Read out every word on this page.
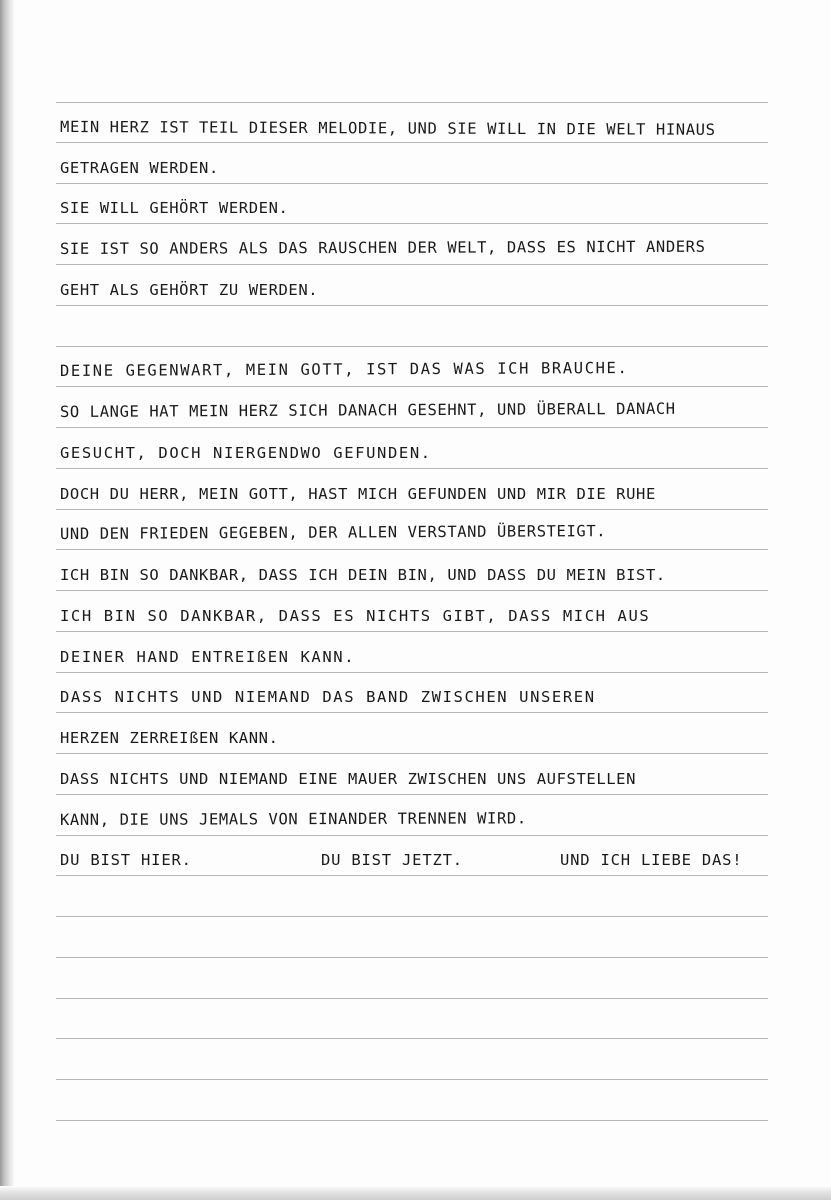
MEIN HERZ IST TEIL DIESER MELODIE, UND SIE WILL IN DIE WELT HINAUS
GETRAGEN WERDEN.
SIE WILL GEHÖRT WERDEN.
SIE IST SO ANDERS ALS DAS RAUSCHEN DER WELT, DASS ES NICHT ANDERS
GEHT ALS GEHÖRT ZU WERDEN.
DEINE GEGENWART, MEIN GOTT, IST DAS WAS ICH BRAUCHE.
SO LANGE HAT MEIN HERZ SICH DANACH GESEHNT, UND ÜBERALL DANACH
GESUCHT, DOCH NIERGENDWO GEFUNDEN.
DOCH DU HERR, MEIN GOTT, HAST MICH GEFUNDEN UND MIR DIE RUHE
UND DEN FRIEDEN GEGEBEN, DER ALLEN VERSTAND ÜBERSTEIGT.
ICH BIN SO DANKBAR, DASS ICH DEIN BIN, UND DASS DU MEIN BIST.
ICH BIN SO DANKBAR, DASS ES NICHTS GIBT, DASS MICH AUS
DEINER HAND ENTREIßEN KANN.
DASS NICHTS UND NIEMAND DAS BAND ZWISCHEN UNSEREN
HERZEN ZERREIßEN KANN.
DASS NICHTS UND NIEMAND EINE MAUER ZWISCHEN UNS AUFSTELLEN
KANN, DIE UNS JEMALS VON EINANDER TRENNEN WIRD.
DU BIST HIER.	DU BIST JETZT.	UND ICH LIEBE DAS!
